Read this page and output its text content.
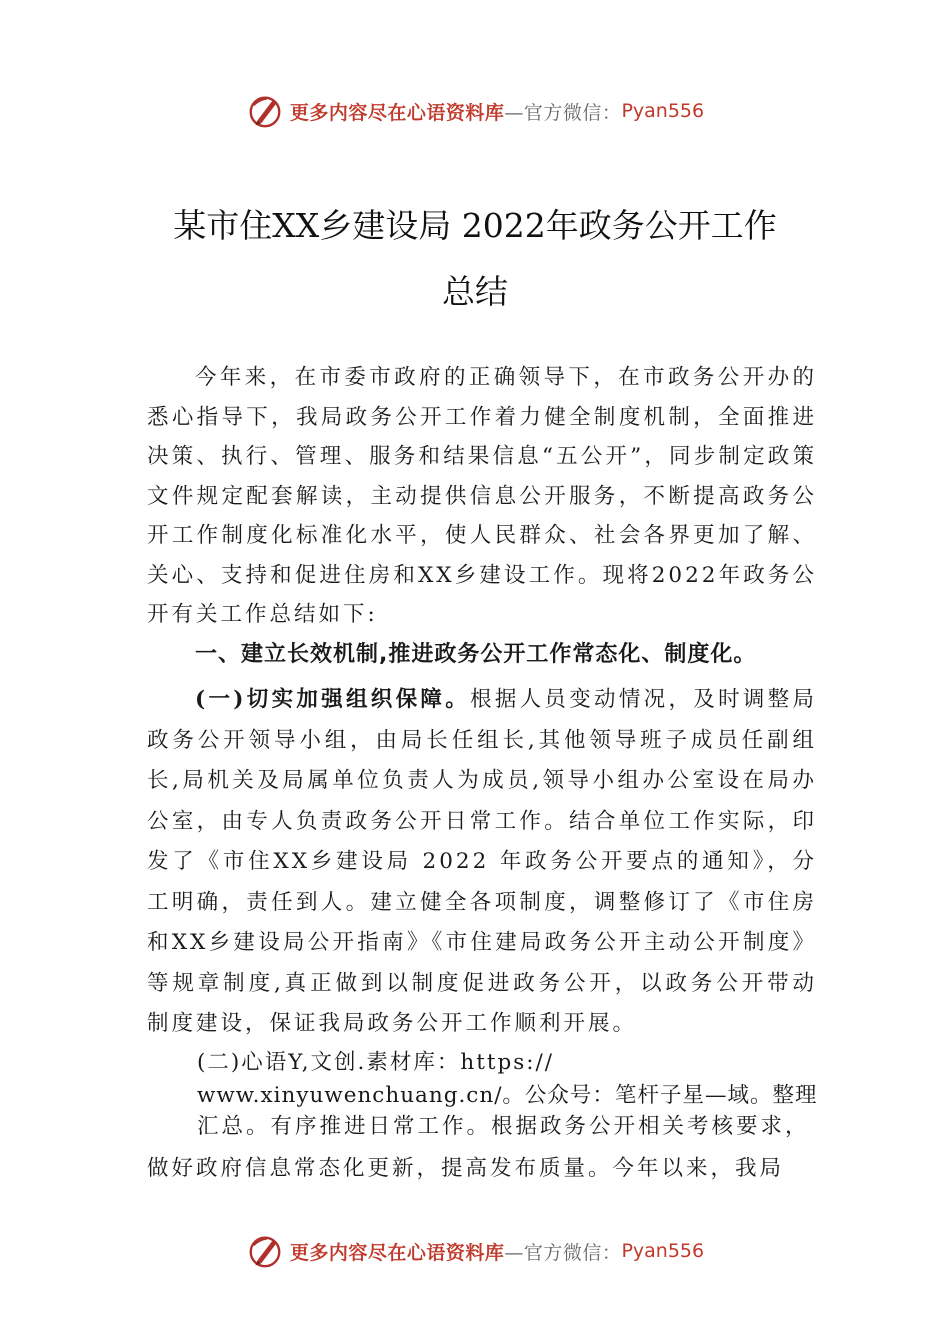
更多内容尽在心语资料库 —官方微信： Pyan556
某市住XX乡建设局 2022年政务公开工作
总结

今年来，在市委市政府的正确领导下，在市政务公开办的悉心指导下，我局政务公开工作着力健全制度机制，全面推进决策、执行、管理、服务和结果信息“五公开”，同步制定政策文件规定配套解读，主动提供信息公开服务，不断提高政务公开工作制度化标准化水平，使人民群众、社会各界更加了解、关心、支持和促进住房和XX乡建设工作。现将2022年政务公开有关工作总结如下:

一、建立长效机制,推进政务公开工作常态化、制度化。

(一)切实加强组织保障。根据人员变动情况，及时调整局政务公开领导小组，由局长任组长,其他领导班子成员任副组长,局机关及局属单位负责人为成员,领导小组办公室设在局办公室，由专人负责政务公开日常工作。结合单位工作实际，印发了《市住XX乡建设局 2022 年政务公开要点的通知》，分工明确，责任到人。建立健全各项制度，调整修订了《市住房和XX乡建设局公开指南》《市住建局政务公开主动公开制度》等规章制度,真正做到以制度促进政务公开，以政务公开带动制度建设，保证我局政务公开工作顺利开展。

(二)心语Y,文创.素材库：https://
www.xinyuwenchuang.cn/。公众号：笔杆子星—域。整理
汇总。有序推进日常工作。根据政务公开相关考核要求，
做好政府信息常态化更新，提高发布质量。今年以来，我局
更多内容尽在心语资料库 —官方微信： Pyan556
